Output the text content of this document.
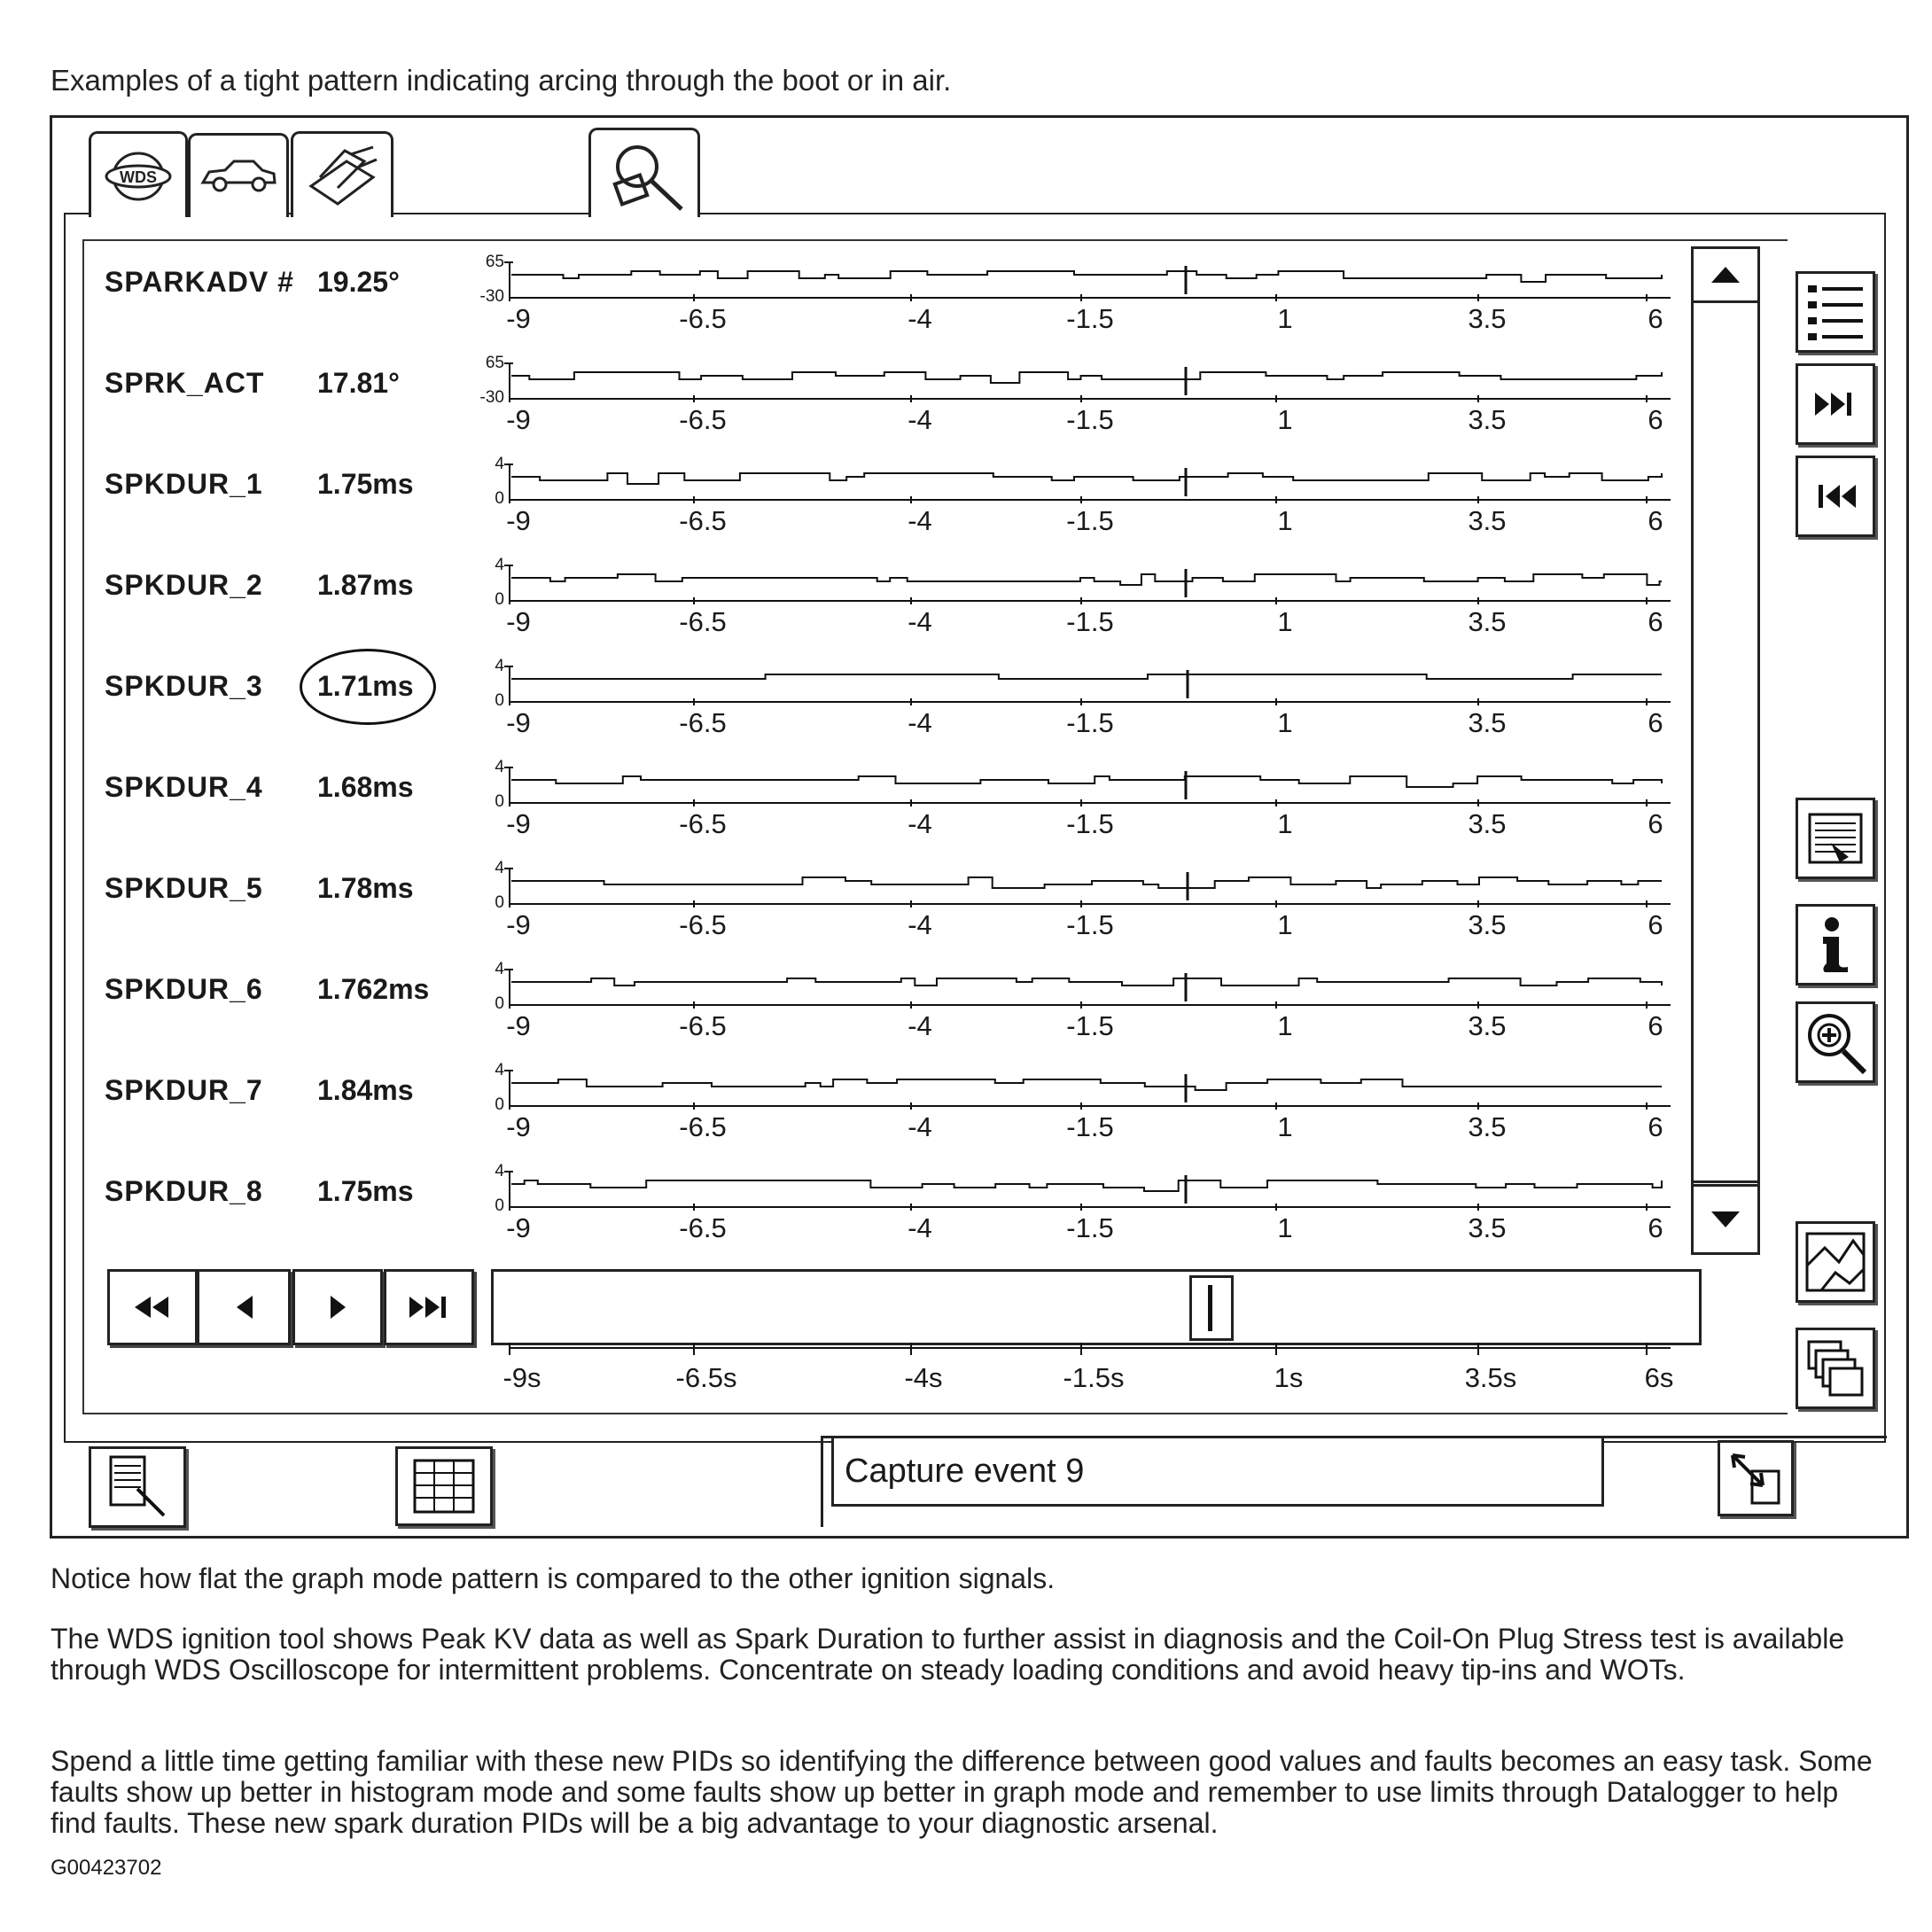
Examples of a tight pattern indicating arcing through the boot or in air.
WDS
SPARKADV # 19.25°
SPRK_ACT 17.81°
SPKDUR_1 1.75ms
SPKDUR_2 1.87ms
SPKDUR_3 1.71ms
SPKDUR_4 1.68ms
SPKDUR_5 1.78ms
SPKDUR_6 1.762ms
SPKDUR_7 1.84ms
SPKDUR_8 1.75ms
65
-30
-9	-6.5	-4	-1.5	1	3.5	6
65
-30
-9	-6.5	-4	-1.5	1	3.5	6
4
0
-9	-6.5	-4	-1.5	1	3.5	6
4
0
-9	-6.5	-4	-1.5	1	3.5	6
4
0
-9	-6.5	-4	-1.5	1	3.5	6
4
0
-9	-6.5	-4	-1.5	1	3.5	6
4
0
-9	-6.5	-4	-1.5	1	3.5	6
4
0
-9	-6.5	-4	-1.5	1	3.5	6
4
0
-9	-6.5	-4	-1.5	1	3.5	6
4
0
-9	-6.5	-4	-1.5	1	3.5	6
-9s	-6.5s	-4s	-1.5s	1s	3.5s	6s
Capture event 9
Notice how flat the graph mode pattern is compared to the other ignition signals.
The WDS ignition tool shows Peak KV data as well as Spark Duration to further assist in diagnosis and the Coil-On Plug Stress test is available through WDS Oscilloscope for intermittent problems. Concentrate on steady loading conditions and avoid heavy tip-ins and WOTs.
Spend a little time getting familiar with these new PIDs so identifying the difference between good values and faults becomes an easy task. Some faults show up better in histogram mode and some faults show up better in graph mode and remember to use limits through Datalogger to help find faults. These new spark duration PIDs will be a big advantage to your diagnostic arsenal.
G00423702
